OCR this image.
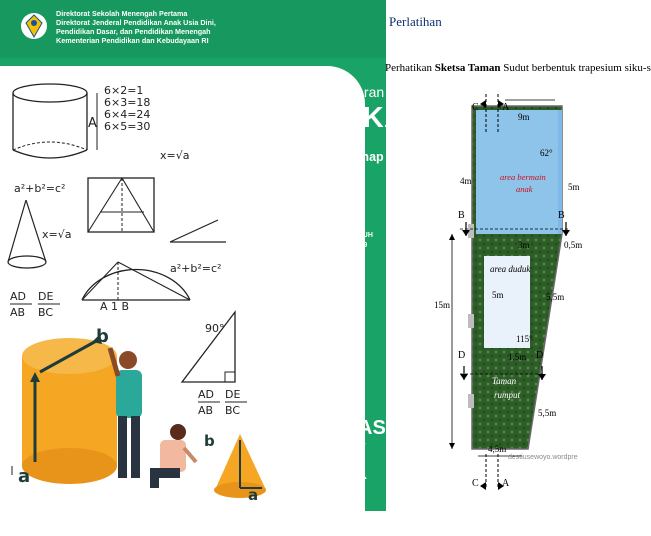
Direktorat Sekolah Menengah Pertama
Direktorat Jenderal Pendidikan Anak Usia Dini,
Pendidikan Dasar, dan Pendidikan Menengah
Kementerian Pendidikan dan Kebudayaan RI
6×2=1
6×3=18
6×4=24
6×5=30
A
a²+b²=c²
x=√a
x=√a
a²+b²=c²
AD DE
AB BC	A 1 B
90°
AD DE
AB BC
b
a
b
a
Mata Pelajaran
MATEMATIKA
Semester Genap
MODUL PEMBELAJARAN JARAK JAUH
PADA MASA PANDEMI COVID-19
UNTUK JENJANG SMP
KELAS
IX
Perlatihan
Perhatikan Sketsa Taman Sudut berbentuk trapesium siku-s
C A
9m
62°
4m	area bermain
anak	5m
B	B
3m	0,5m
15m
area duduk
5m	5,5m
115°
1,5m
D	D
Taman
rumput
5,5m
4,5m
destiusewoyo.wordpre
C A
